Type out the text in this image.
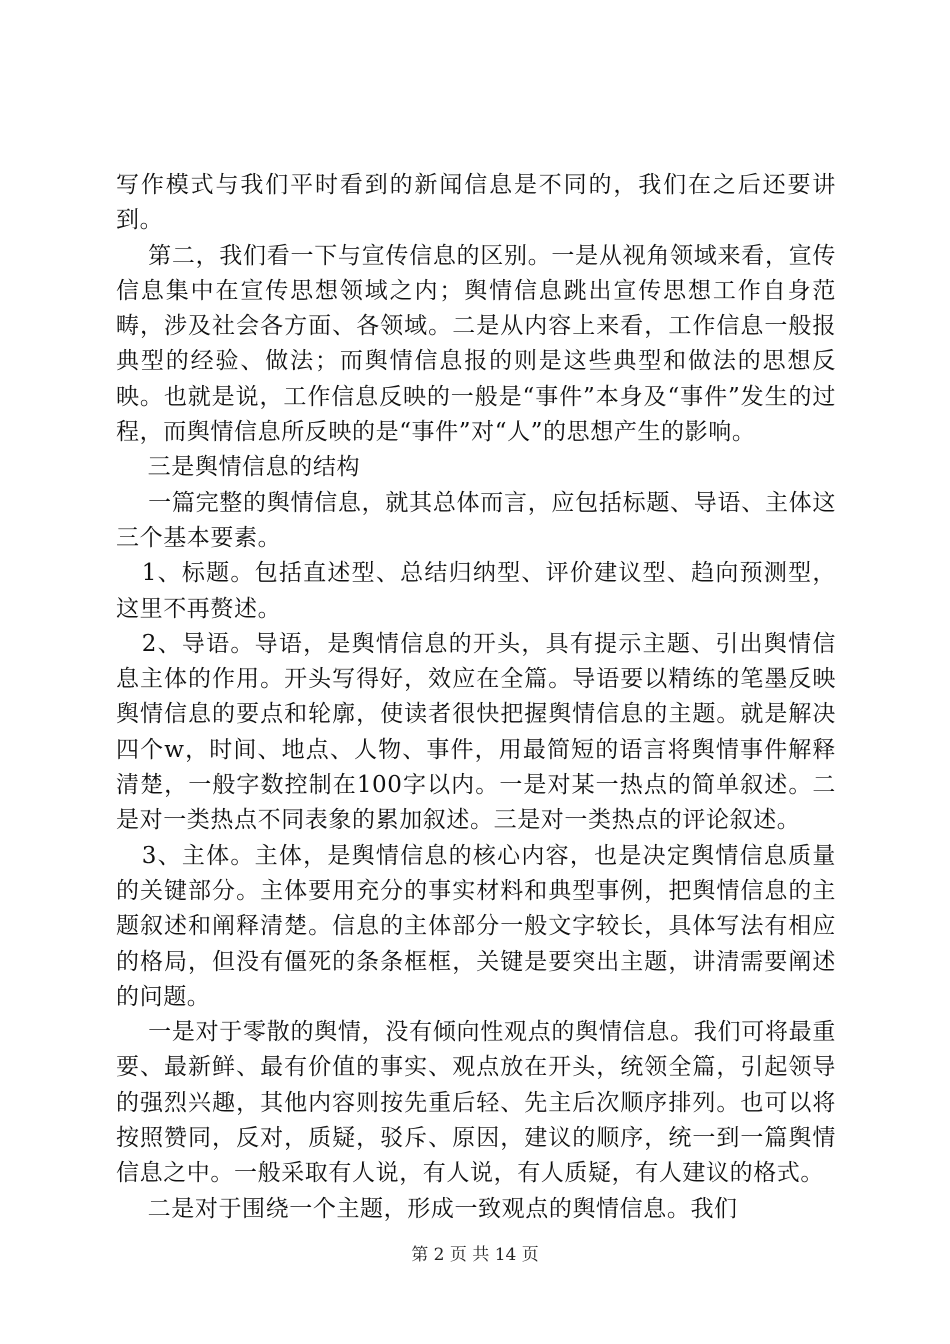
写作模式与我们平时看到的新闻信息是不同的，我们在之后还要讲到。

第二，我们看一下与宣传信息的区别。一是从视角领域来看，宣传信息集中在宣传思想领域之内；舆情信息跳出宣传思想工作自身范畴，涉及社会各方面、各领域。二是从内容上来看，工作信息一般报典型的经验、做法；而舆情信息报的则是这些典型和做法的思想反映。也就是说，工作信息反映的一般是“事件”本身及“事件”发生的过程，而舆情信息所反映的是“事件”对“人”的思想产生的影响。

三是舆情信息的结构

一篇完整的舆情信息，就其总体而言，应包括标题、导语、主体这三个基本要素。

1、标题。包括直述型、总结归纳型、评价建议型、趋向预测型，这里不再赘述。

2、导语。导语，是舆情信息的开头，具有提示主题、引出舆情信息主体的作用。开头写得好，效应在全篇。导语要以精练的笔墨反映舆情信息的要点和轮廓，使读者很快把握舆情信息的主题。就是解决四个w，时间、地点、人物、事件，用最简短的语言将舆情事件解释清楚，一般字数控制在100字以内。一是对某一热点的简单叙述。二是对一类热点不同表象的累加叙述。三是对一类热点的评论叙述。

3、主体。主体，是舆情信息的核心内容，也是决定舆情信息质量的关键部分。主体要用充分的事实材料和典型事例，把舆情信息的主题叙述和阐释清楚。信息的主体部分一般文字较长，具体写法有相应的格局，但没有僵死的条条框框，关键是要突出主题，讲清需要阐述的问题。

一是对于零散的舆情，没有倾向性观点的舆情信息。我们可将最重要、最新鲜、最有价值的事实、观点放在开头，统领全篇，引起领导的强烈兴趣，其他内容则按先重后轻、先主后次顺序排列。也可以将按照赞同，反对，质疑，驳斥、原因，建议的顺序，统一到一篇舆情信息之中。一般采取有人说，有人说，有人质疑，有人建议的格式。

二是对于围绕一个主题，形成一致观点的舆情信息。我们

第 2 页 共 14 页
